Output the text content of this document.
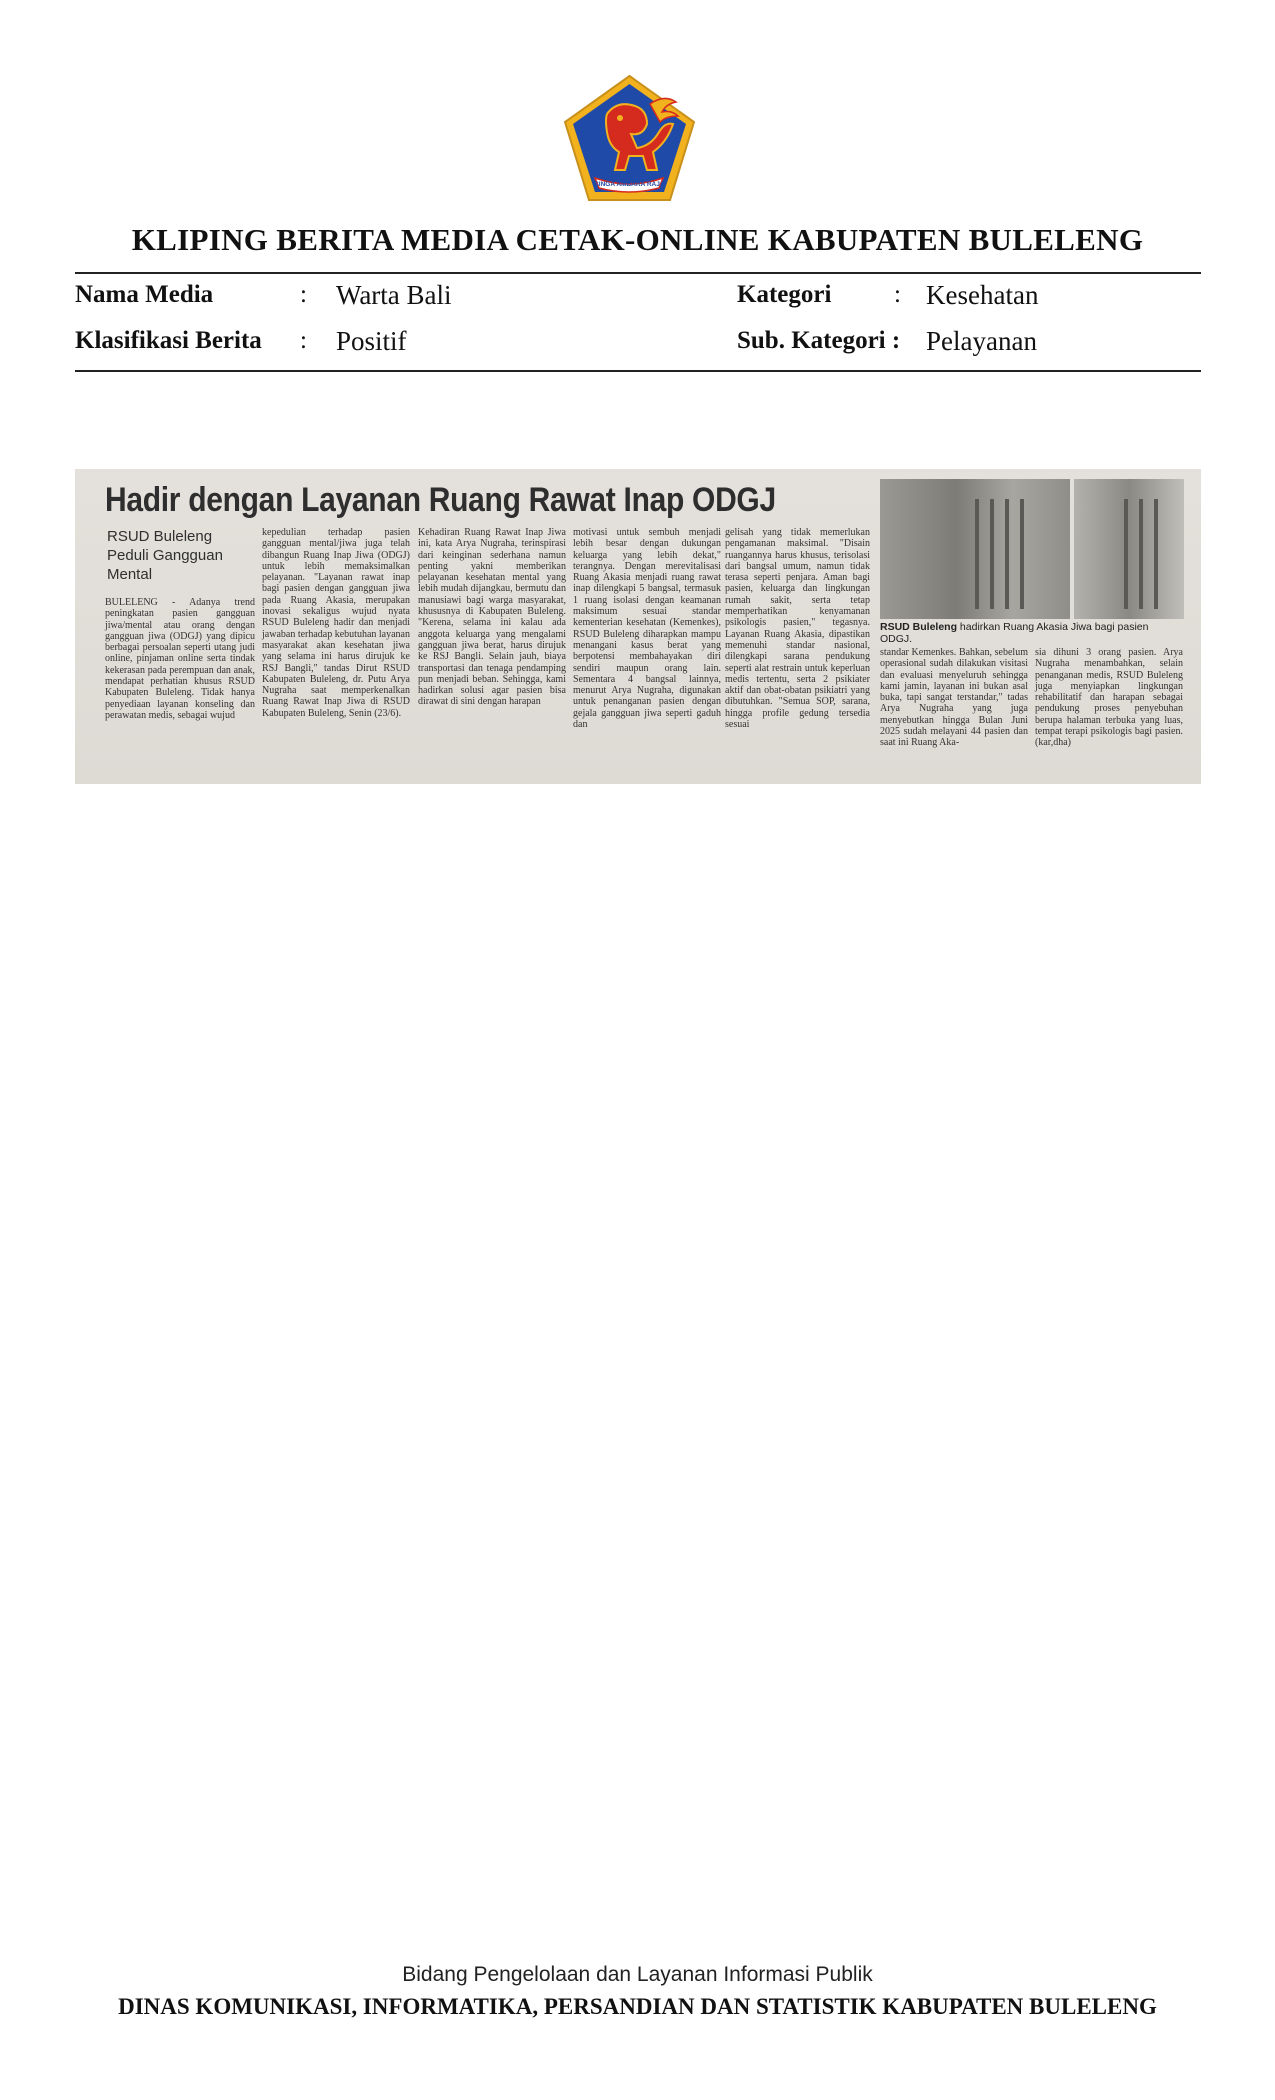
SINGA AMBARA RAJA
KLIPING BERITA MEDIA CETAK-ONLINE KABUPATEN BULELENG
Nama Media	: Warta Bali	Kategori	: Kesehatan
Klasifikasi Berita : Positif	Sub. Kategori : Pelayanan
Hadir dengan Layanan Ruang Rawat Inap ODGJ
RSUD Buleleng Peduli Gangguan Mental
BULELENG - Adanya trend peningkatan pasien gangguan jiwa/mental atau orang dengan gangguan jiwa (ODGJ) yang dipicu berbagai persoalan seperti utang judi online, pinjaman online serta tindak kekerasan pada perempuan dan anak, mendapat perhatian khusus RSUD Kabupaten Buleleng. Tidak hanya penyediaan layanan konseling dan perawatan medis, sebagai wujud
kepedulian terhadap pasien gangguan mental/jiwa juga telah dibangun Ruang Inap Jiwa (ODGJ) untuk lebih memaksimalkan pelayanan. "Layanan rawat inap bagi pasien dengan gangguan jiwa pada Ruang Akasia, merupakan inovasi sekaligus wujud nyata RSUD Buleleng hadir dan menjadi jawaban terhadap kebutuhan layanan masyarakat akan kesehatan jiwa yang selama ini harus dirujuk ke RSJ Bangli," tandas Dirut RSUD Kabupaten Buleleng, dr. Putu Arya Nugraha saat memperkenalkan Ruang Rawat Inap Jiwa di RSUD Kabupaten Buleleng, Senin (23/6).
Kehadiran Ruang Rawat Inap Jiwa ini, kata Arya Nugraha, terinspirasi dari keinginan sederhana namun penting yakni memberikan pelayanan kesehatan mental yang lebih mudah dijangkau, bermutu dan manusiawi bagi warga masyarakat, khususnya di Kabupaten Buleleng. "Kerena, selama ini kalau ada anggota keluarga yang mengalami gangguan jiwa berat, harus dirujuk ke RSJ Bangli. Selain jauh, biaya transportasi dan tenaga pendamping pun menjadi beban. Sehingga, kami hadirkan solusi agar pasien bisa dirawat di sini dengan harapan
motivasi untuk sembuh menjadi lebih besar dengan dukungan keluarga yang lebih dekat," terangnya. Dengan merevitalisasi Ruang Akasia menjadi ruang rawat inap dilengkapi 5 bangsal, termasuk 1 ruang isolasi dengan keamanan maksimum sesuai standar kementerian kesehatan (Kemenkes), RSUD Buleleng diharapkan mampu menangani kasus berat yang berpotensi membahayakan diri sendiri maupun orang lain. Sementara 4 bangsal lainnya, menurut Arya Nugraha, digunakan untuk penanganan pasien dengan gejala gangguan jiwa seperti gaduh dan
gelisah yang tidak memerlukan pengamanan maksimal. "Disain ruangannya harus khusus, terisolasi dari bangsal umum, namun tidak terasa seperti penjara. Aman bagi pasien, keluarga dan lingkungan rumah sakit, serta tetap memperhatikan kenyamanan psikologis pasien," tegasnya. Layanan Ruang Akasia, dipastikan memenuhi standar nasional, dilengkapi sarana pendukung seperti alat restrain untuk keperluan medis tertentu, serta 2 psikiater aktif dan obat-obatan psikiatri yang dibutuhkan. "Semua SOP, sarana, hingga profile gedung tersedia sesuai
RSUD Buleleng hadirkan Ruang Akasia Jiwa bagi pasien ODGJ.
standar Kemenkes. Bahkan, sebelum operasional sudah dilakukan visitasi dan evaluasi menyeluruh sehingga kami jamin, layanan ini bukan asal buka, tapi sangat terstandar," tadas Arya Nugraha yang juga menyebutkan hingga Bulan Juni 2025 sudah melayani 44 pasien dan saat ini Ruang Aka-
sia dihuni 3 orang pasien. Arya Nugraha menambahkan, selain penanganan medis, RSUD Buleleng juga menyiapkan lingkungan rehabilitatif dan harapan sebagai pendukung proses penyebuhan berupa halaman terbuka yang luas, tempat terapi psikologis bagi pasien. (kar,dha)
Bidang Pengelolaan dan Layanan Informasi Publik
DINAS KOMUNIKASI, INFORMATIKA, PERSANDIAN DAN STATISTIK KABUPATEN BULELENG
